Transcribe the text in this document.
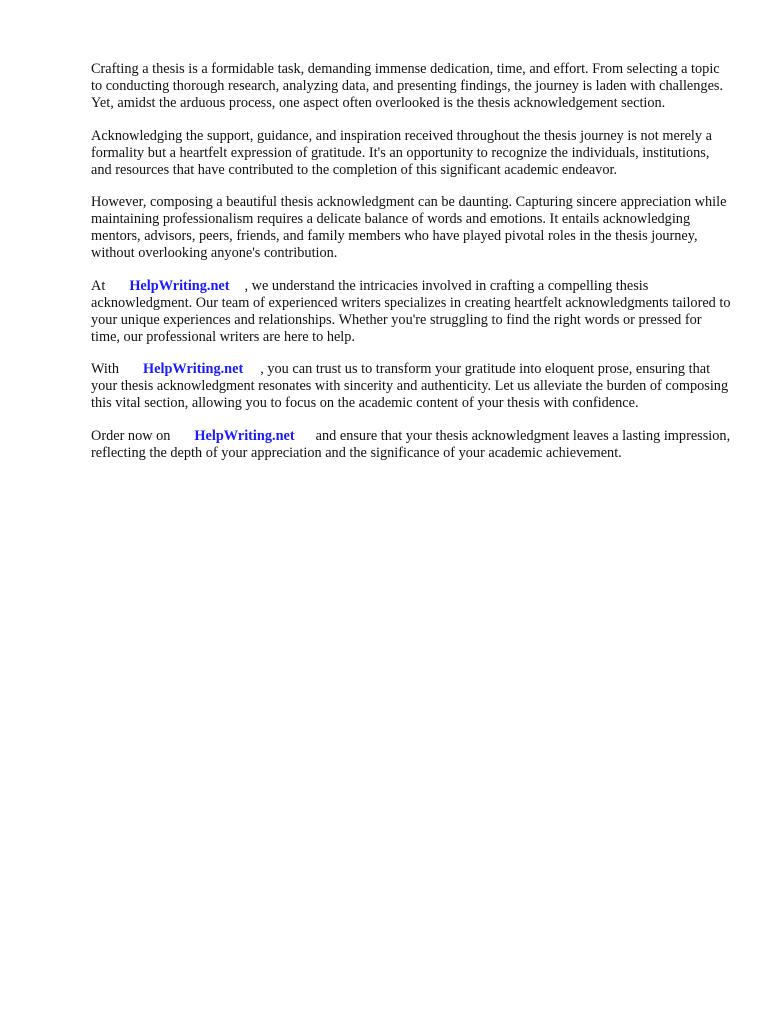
Crafting a thesis is a formidable task, demanding immense dedication, time, and effort. From selecting a topic to conducting thorough research, analyzing data, and presenting findings, the journey is laden with challenges. Yet, amidst the arduous process, one aspect often overlooked is the thesis acknowledgement section.

Acknowledging the support, guidance, and inspiration received throughout the thesis journey is not merely a formality but a heartfelt expression of gratitude. It's an opportunity to recognize the individuals, institutions, and resources that have contributed to the completion of this significant academic endeavor.

However, composing a beautiful thesis acknowledgment can be daunting. Capturing sincere appreciation while maintaining professionalism requires a delicate balance of words and emotions. It entails acknowledging mentors, advisors, peers, friends, and family members who have played pivotal roles in the thesis journey, without overlooking anyone's contribution.

At HelpWriting.net , we understand the intricacies involved in crafting a compelling thesis acknowledgment. Our team of experienced writers specializes in creating heartfelt acknowledgments tailored to your unique experiences and relationships. Whether you're struggling to find the right words or pressed for time, our professional writers are here to help.

With HelpWriting.net , you can trust us to transform your gratitude into eloquent prose, ensuring that your thesis acknowledgment resonates with sincerity and authenticity. Let us alleviate the burden of composing this vital section, allowing you to focus on the academic content of your thesis with confidence.

Order now on HelpWriting.net and ensure that your thesis acknowledgment leaves a lasting impression, reflecting the depth of your appreciation and the significance of your academic achievement.
